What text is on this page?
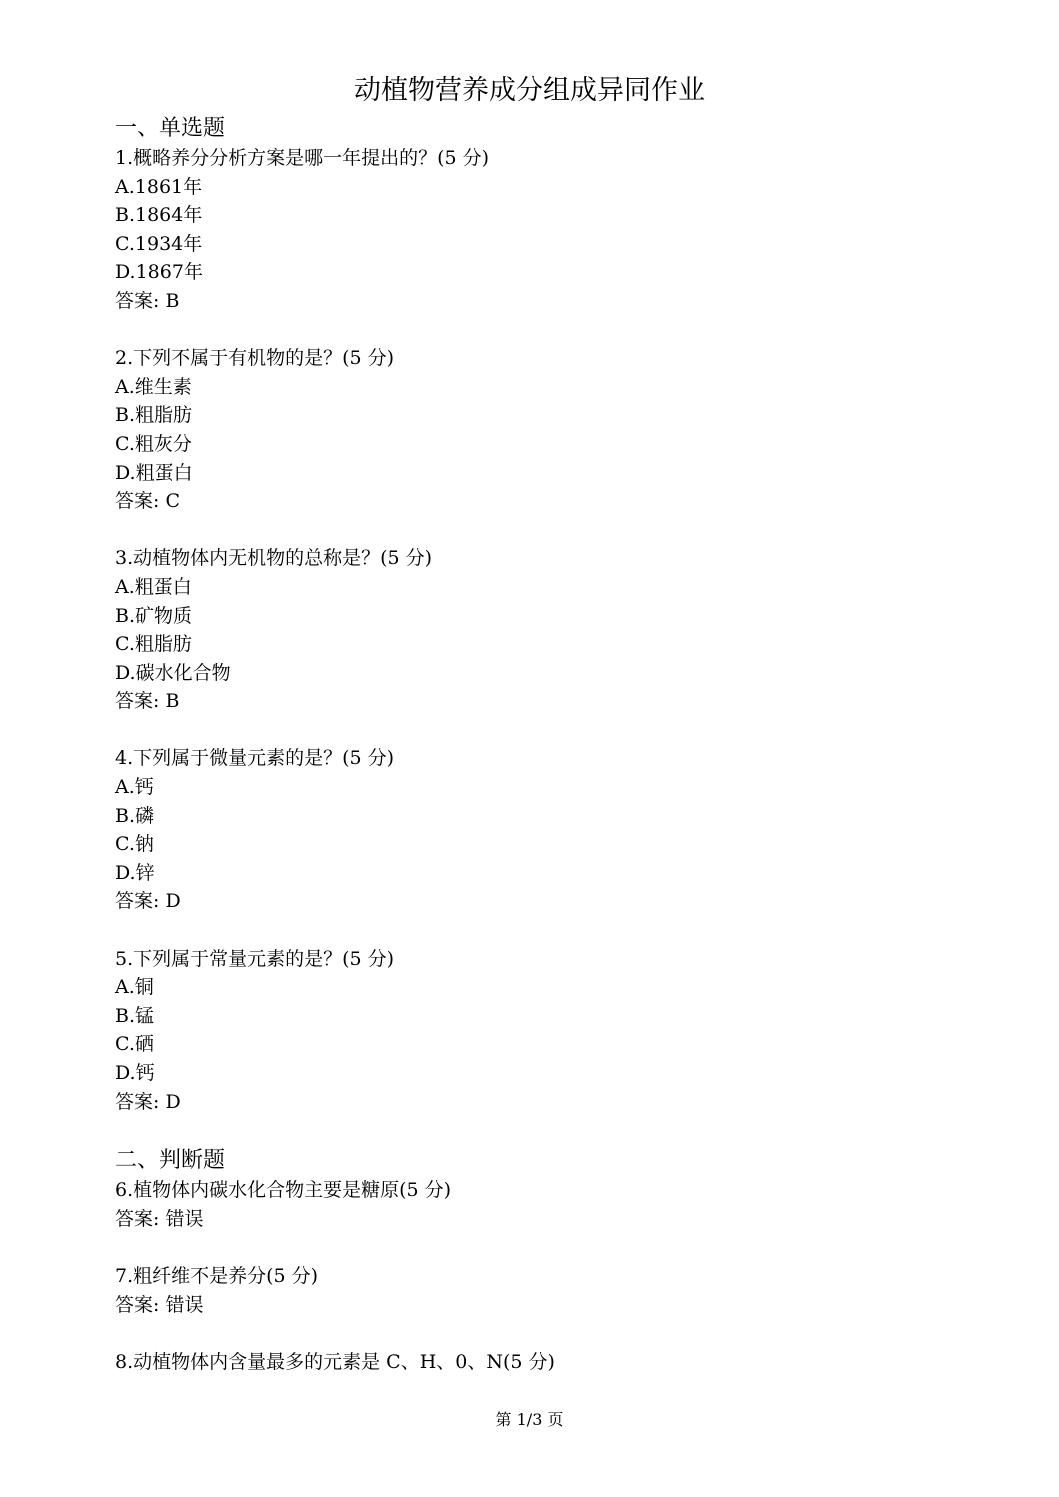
动植物营养成分组成异同作业
一、单选题
1.概略养分分析方案是哪一年提出的？(5 分)
A.1861年
B.1864年
C.1934年
D.1867年
答案: B
2.下列不属于有机物的是？(5 分)
A.维生素
B.粗脂肪
C.粗灰分
D.粗蛋白
答案: C
3.动植物体内无机物的总称是？(5 分)
A.粗蛋白
B.矿物质
C.粗脂肪
D.碳水化合物
答案: B
4.下列属于微量元素的是？(5 分)
A.钙
B.磷
C.钠
D.锌
答案: D
5.下列属于常量元素的是？(5 分)
A.铜
B.锰
C.硒
D.钙
答案: D
二、判断题
6.植物体内碳水化合物主要是糖原(5 分)
答案: 错误
7.粗纤维不是养分(5 分)
答案: 错误
8.动植物体内含量最多的元素是 C、H、0、N(5 分)
第 1/3 页
